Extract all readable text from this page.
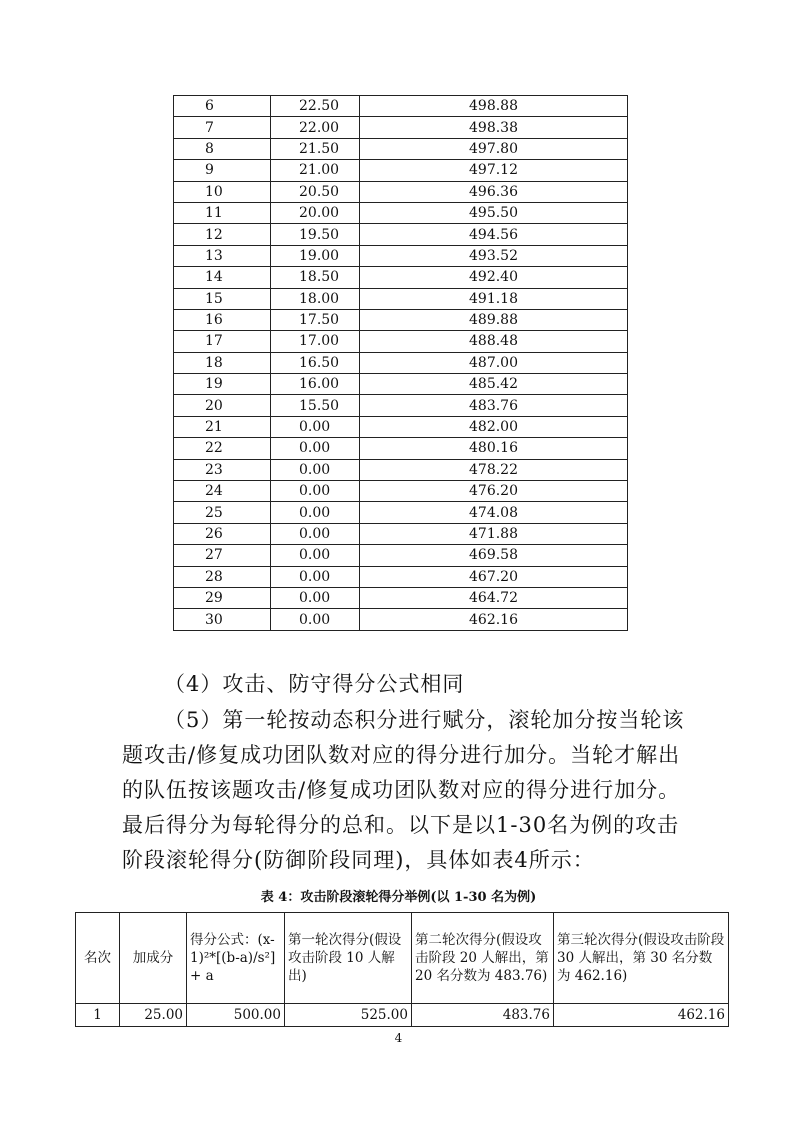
6	22.50	498.88
7	22.00	498.38
8	21.50	497.80
9	21.00	497.12
10	20.50	496.36
11	20.00	495.50
12	19.50	494.56
13	19.00	493.52
14	18.50	492.40
15	18.00	491.18
16	17.50	489.88
17	17.00	488.48
18	16.50	487.00
19	16.00	485.42
20	15.50	483.76
21	0.00	482.00
22	0.00	480.16
23	0.00	478.22
24	0.00	476.20
25	0.00	474.08
26	0.00	471.88
27	0.00	469.58
28	0.00	467.20
29	0.00	464.72
30	0.00	462.16
（4）攻击、防守得分公式相同
（5）第一轮按动态积分进行赋分，滚轮加分按当轮该题攻击/修复成功团队数对应的得分进行加分。当轮才解出的队伍按该题攻击/修复成功团队数对应的得分进行加分。最后得分为每轮得分的总和。以下是以1-30名为例的攻击阶段滚轮得分(防御阶段同理)，具体如表4所示：
表 4：攻击阶段滚轮得分举例(以 1-30 名为例)
名次	加成分	得分公式：(x-1)²*[(b-a)/s²] + a	第一轮次得分(假设攻击阶段 10 人解出)	第二轮次得分(假设攻击阶段 20 人解出，第 20 名分数为 483.76)	第三轮次得分(假设攻击阶段 30 人解出，第 30 名分数为 462.16)
1	25.00	500.00	525.00	483.76	462.16
4
